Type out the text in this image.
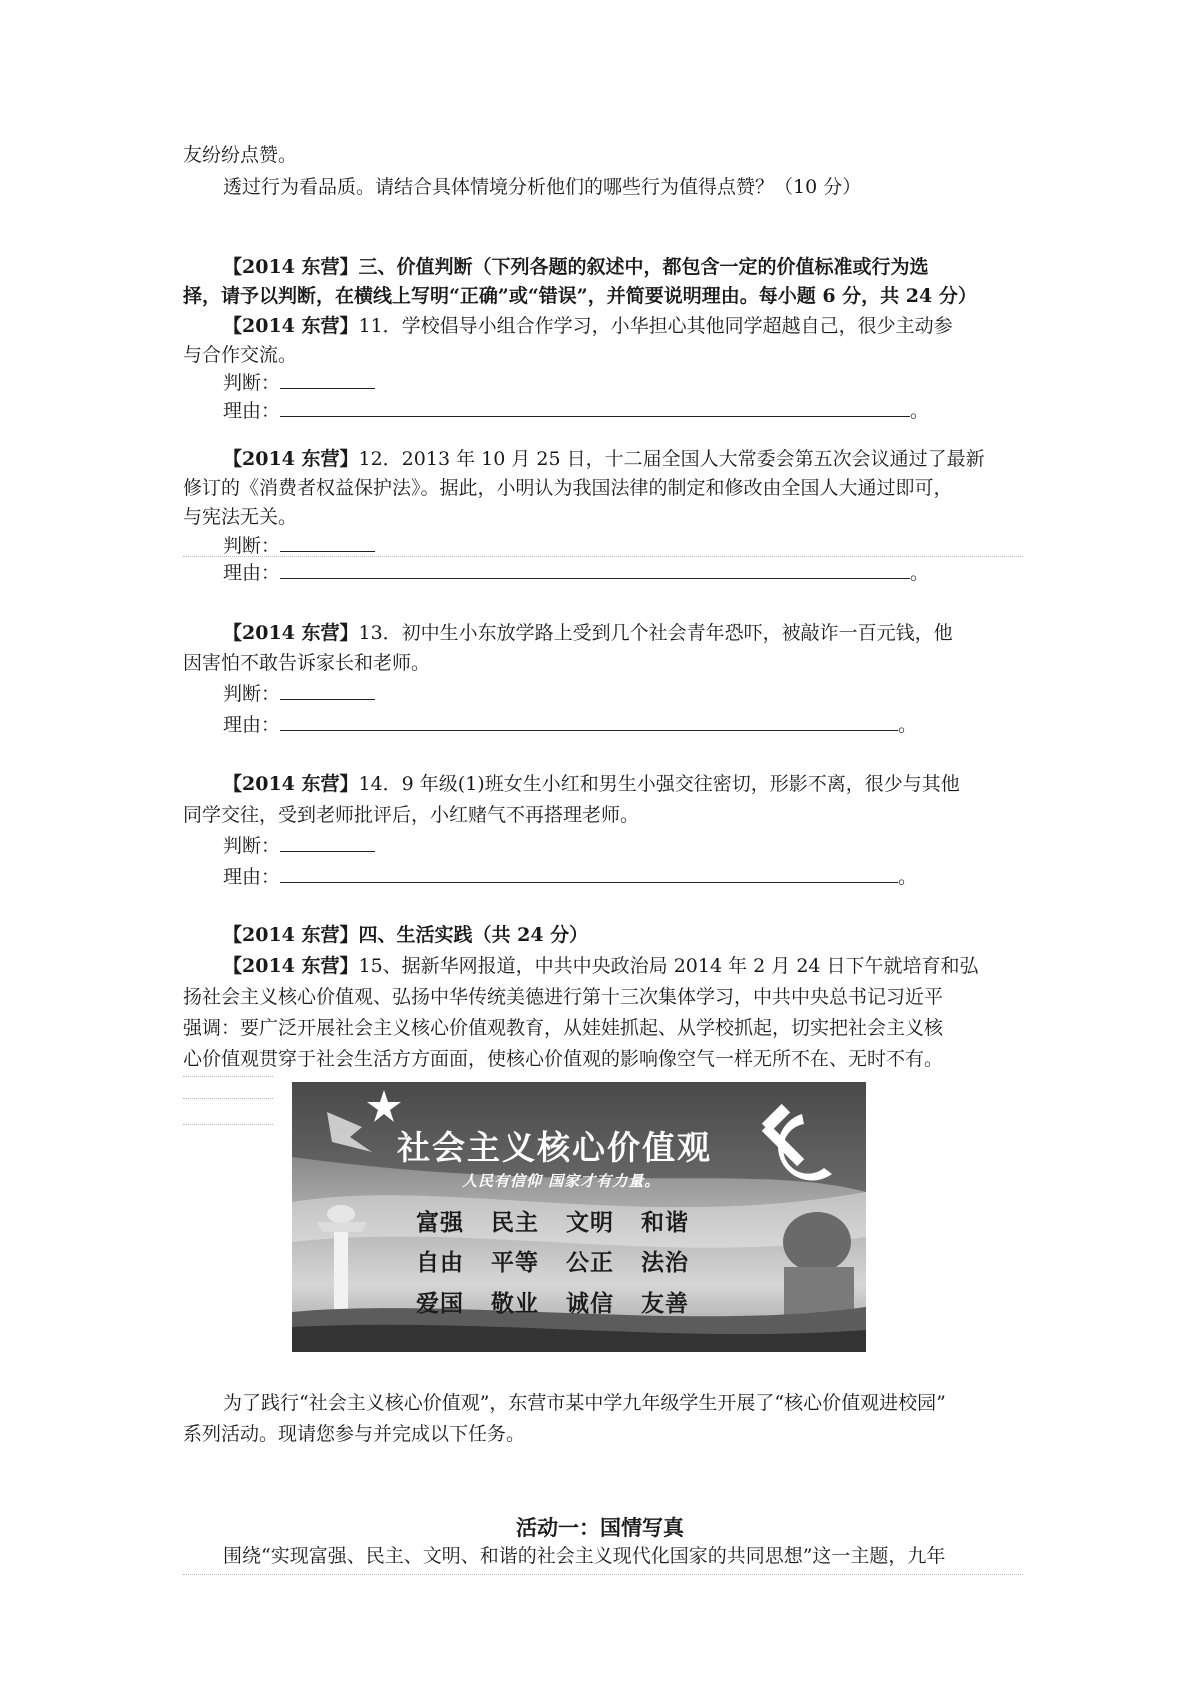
友纷纷点赞。
透过行为看品质。请结合具体情境分析他们的哪些行为值得点赞？（10 分）
【2014 东营】三、价值判断（下列各题的叙述中，都包含一定的价值标准或行为选
择，请予以判断，在横线上写明“正确”或“错误”，并简要说明理由。每小题 6 分，共 24 分）
【2014 东营】11．学校倡导小组合作学习，小华担心其他同学超越自己，很少主动参
与合作交流。
判断：
理由：	。
【2014 东营】12．2013 年 10 月 25 日，十二届全国人大常委会第五次会议通过了最新
修订的《消费者权益保护法》。据此，小明认为我国法律的制定和修改由全国人大通过即可，
与宪法无关。
判断：
理由：	。
【2014 东营】13．初中生小东放学路上受到几个社会青年恐吓，被敲诈一百元钱，他
因害怕不敢告诉家长和老师。
判断：
理由：	。
【2014 东营】14．9 年级(1)班女生小红和男生小强交往密切，形影不离，很少与其他
同学交往，受到老师批评后，小红赌气不再搭理老师。
判断：
理由：	。
【2014 东营】四、生活实践（共 24 分）
【2014 东营】15、据新华网报道，中共中央政治局 2014 年 2 月 24 日下午就培育和弘
扬社会主义核心价值观、弘扬中华传统美德进行第十三次集体学习，中共中央总书记习近平
强调：要广泛开展社会主义核心价值观教育，从娃娃抓起、从学校抓起，切实把社会主义核
心价值观贯穿于社会生活方方面面，使核心价值观的影响像空气一样无所不在、无时不有。
社会主义核心价值观
人民有信仰 国家才有力量。
富强 民主 文明 和谐
自由 平等 公正 法治
爱国 敬业 诚信 友善
为了践行“社会主义核心价值观”，东营市某中学九年级学生开展了“核心价值观进校园”
系列活动。现请您参与并完成以下任务。
活动一：国情写真
围绕“实现富强、民主、文明、和谐的社会主义现代化国家的共同思想”这一主题，九年
